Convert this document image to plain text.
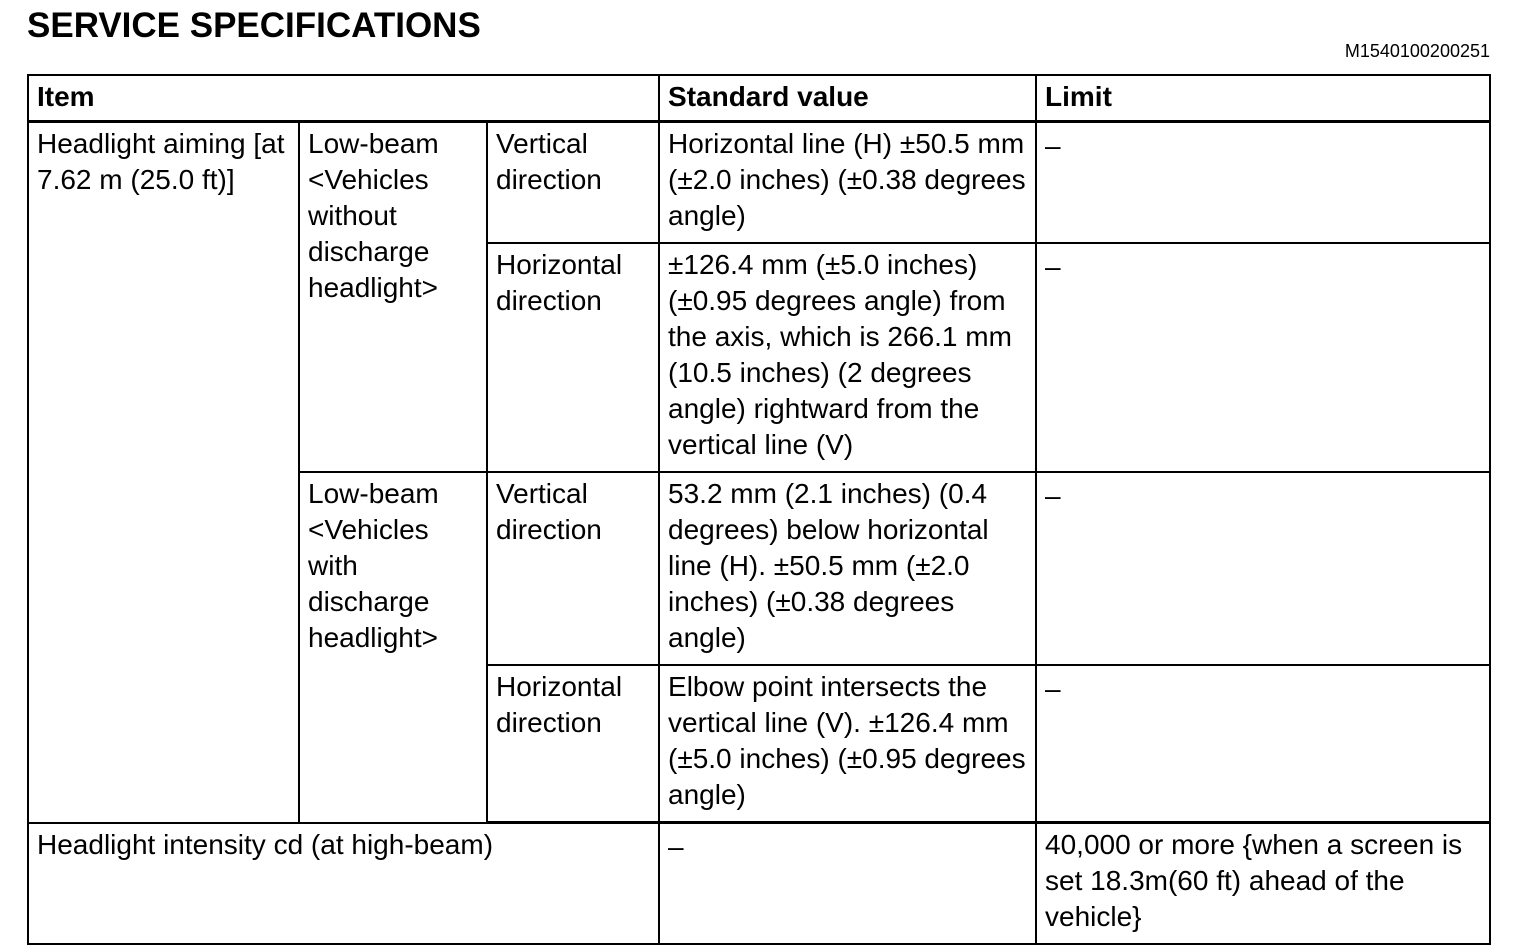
SERVICE SPECIFICATIONS
M1540100200251
Item			Standard value	Limit
Headlight aiming [at 7.62 m (25.0 ft)]	Low-beam <Vehicles without discharge headlight>	Vertical direction	Horizontal line (H) ±50.5 mm (±2.0 inches) (±0.38 degrees angle)	–
		Horizontal direction	±126.4 mm (±5.0 inches) (±0.95 degrees angle) from the axis, which is 266.1 mm (10.5 inches) (2 degrees angle) rightward from the vertical line (V)	–
	Low-beam <Vehicles with discharge headlight>	Vertical direction	53.2 mm (2.1 inches) (0.4 degrees) below horizontal line (H). ±50.5 mm (±2.0 inches) (±0.38 degrees angle)	–
		Horizontal direction	Elbow point intersects the vertical line (V). ±126.4 mm (±5.0 inches) (±0.95 degrees angle)	–
Headlight intensity cd (at high-beam)			–	40,000 or more {when a screen is set 18.3m(60 ft) ahead of the vehicle}
